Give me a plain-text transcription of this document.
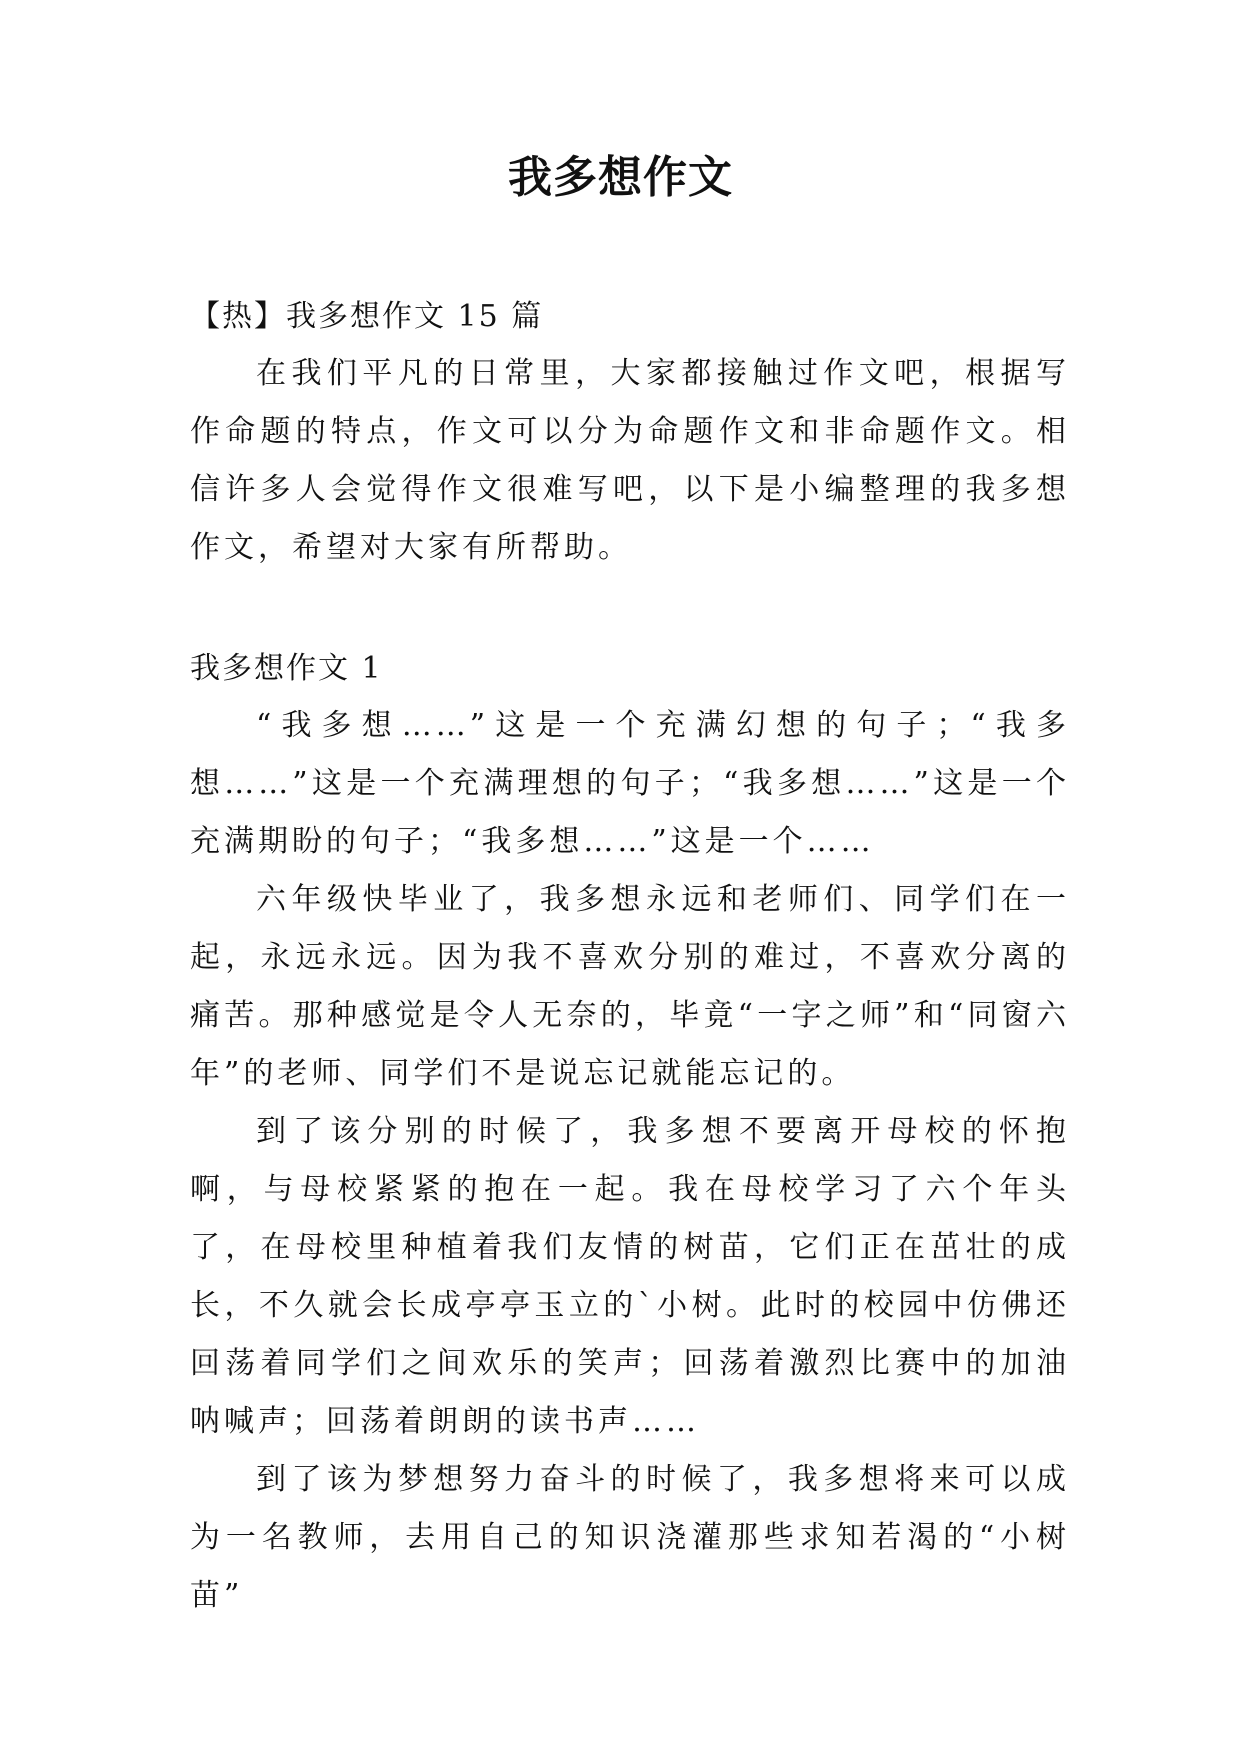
我多想作文
【热】我多想作文 15 篇
在我们平凡的日常里，大家都接触过作文吧，根据写作命题的特点，作文可以分为命题作文和非命题作文。相信许多人会觉得作文很难写吧，以下是小编整理的我多想作文，希望对大家有所帮助。
我多想作文 1

“我多想……”这是一个充满幻想的句子；“我多想……”这是一个充满理想的句子；“我多想……”这是一个充满期盼的句子；“我多想……”这是一个……

六年级快毕业了，我多想永远和老师们、同学们在一起，永远永远。因为我不喜欢分别的难过，不喜欢分离的痛苦。那种感觉是令人无奈的，毕竟“一字之师”和“同窗六年”的老师、同学们不是说忘记就能忘记的。

到了该分别的时候了，我多想不要离开母校的怀抱啊，与母校紧紧的抱在一起。我在母校学习了六个年头了，在母校里种植着我们友情的树苗，它们正在茁壮的成长，不久就会长成亭亭玉立的`小树。此时的校园中仿佛还回荡着同学们之间欢乐的笑声；回荡着激烈比赛中的加油呐喊声；回荡着朗朗的读书声……

到了该为梦想努力奋斗的时候了，我多想将来可以成为一名教师，去用自己的知识浇灌那些求知若渴的“小树苗”
